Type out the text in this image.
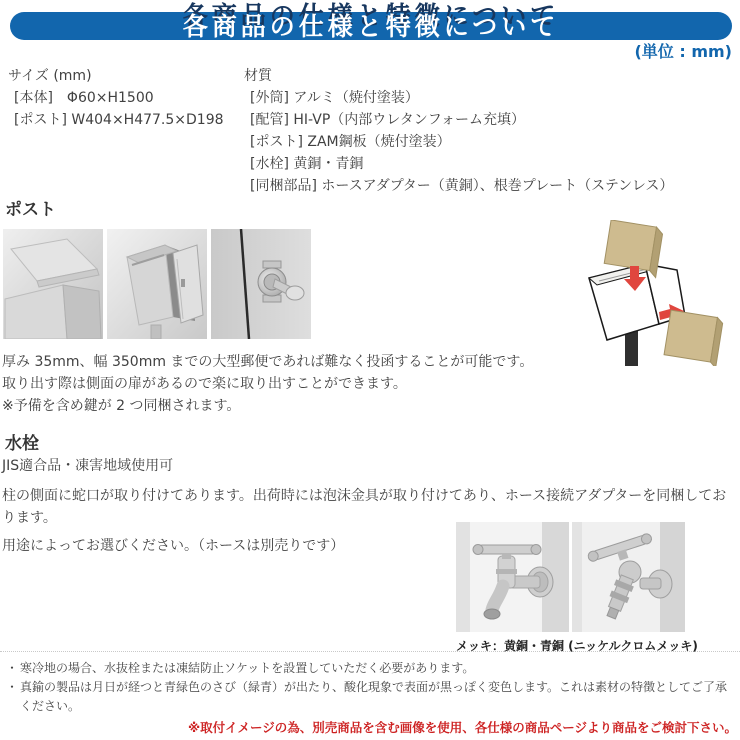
各商品の仕様と特徴について
(単位 : mm)
サイズ (mm)
[本体]　Φ60×H1500
[ポスト] W404×H477.5×D198
材質
[外筒] アルミ（焼付塗装）
[配管] HI-VP（内部ウレタンフォーム充填）
[ポスト] ZAM鋼板（焼付塗装）
[水栓] 黄銅・青銅
[同梱部品] ホースアダプター（黄銅）、根巻プレート（ステンレス）
ポスト
厚み 35mm、幅 350mm までの大型郵便であれば難なく投函することが可能です。
取り出す際は側面の扉があるので楽に取り出すことができます。
※予備を含め鍵が 2 つ同梱されます。
水栓
JIS適合品・凍害地域使用可
柱の側面に蛇口が取り付けてあります。出荷時には泡沫金具が取り付けてあり、ホース接続アダプターを同梱しております。
用途によってお選びください。（ホースは別売りです）
メッキ：黄銅・青銅 (ニッケルクロムメッキ)
・ 寒冷地の場合、水抜栓または凍結防止ソケットを設置していただく必要があります。
・ 真鍮の製品は月日が経つと青緑色のさび（緑青）が出たり、酸化現象で表面が黒っぽく変色します。これは素材の特徴としてご了承ください。
※取付イメージの為、別売商品を含む画像を使用、各仕様の商品ページより商品をご検討下さい。
